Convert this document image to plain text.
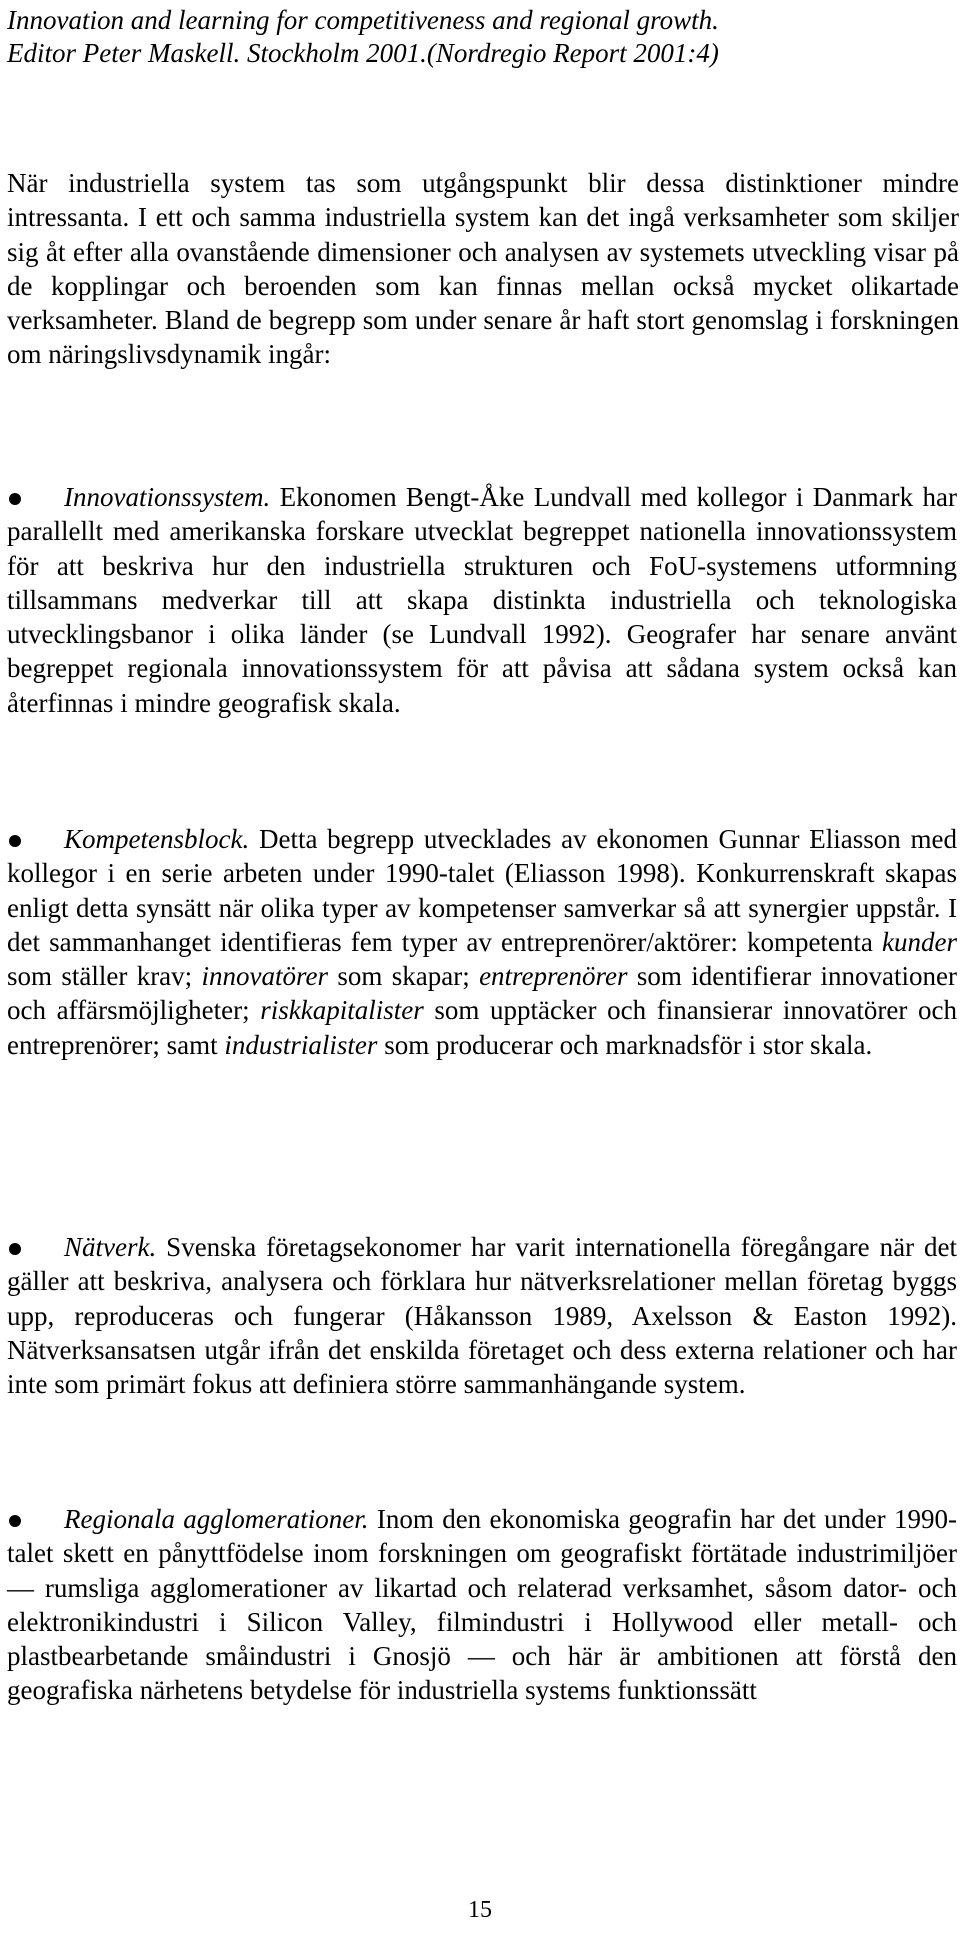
Innovation and learning for competitiveness and regional growth.
Editor Peter Maskell. Stockholm 2001.(Nordregio Report 2001:4)

När industriella system tas som utgångspunkt blir dessa distinktioner mindre intressanta. I ett och samma industriella system kan det ingå verksamheter som skiljer sig åt efter alla ovanstående dimensioner och analysen av systemets utveckling visar på de kopplingar och beroenden som kan finnas mellan också mycket olikartade verksamheter. Bland de begrepp som under senare år haft stort genomslag i forskningen om näringslivsdynamik ingår:

Innovationssystem. Ekonomen Bengt-Åke Lundvall med kollegor i Danmark har parallellt med amerikanska forskare utvecklat begreppet nationella innovationssystem för att beskriva hur den industriella strukturen och FoU-systemens utformning tillsammans medverkar till att skapa distinkta industriella och teknologiska utvecklingsbanor i olika länder (se Lundvall 1992). Geografer har senare använt begreppet regionala innovationssystem för att påvisa att sådana system också kan återfinnas i mindre geografisk skala.

Kompetensblock. Detta begrepp utvecklades av ekonomen Gunnar Eliasson med kollegor i en serie arbeten under 1990-talet (Eliasson 1998). Konkurrenskraft skapas enligt detta synsätt när olika typer av kompetenser samverkar så att synergier uppstår. I det sammanhanget identifieras fem typer av entreprenörer/aktörer: kompetenta kunder som ställer krav; innovatörer som skapar; entreprenörer som identifierar innovationer och affärsmöjligheter; riskkapitalister som upptäcker och finansierar innovatörer och entreprenörer; samt industrialister som producerar och marknadsför i stor skala.

Nätverk. Svenska företagsekonomer har varit internationella föregångare när det gäller att beskriva, analysera och förklara hur nätverksrelationer mellan företag byggs upp, reproduceras och fungerar (Håkansson 1989, Axelsson & Easton 1992). Nätverksansatsen utgår ifrån det enskilda företaget och dess externa relationer och har inte som primärt fokus att definiera större sammanhängande system.

Regionala agglomerationer. Inom den ekonomiska geografin har det under 1990-talet skett en pånyttfödelse inom forskningen om geografiskt förtätade industrimiljöer — rumsliga agglomerationer av likartad och relaterad verksamhet, såsom dator- och elektronikindustri i Silicon Valley, filmindustri i Hollywood eller metall- och plastbearbetande småindustri i Gnosjö — och här är ambitionen att förstå den geografiska närhetens betydelse för industriella systems funktionssätt

15
